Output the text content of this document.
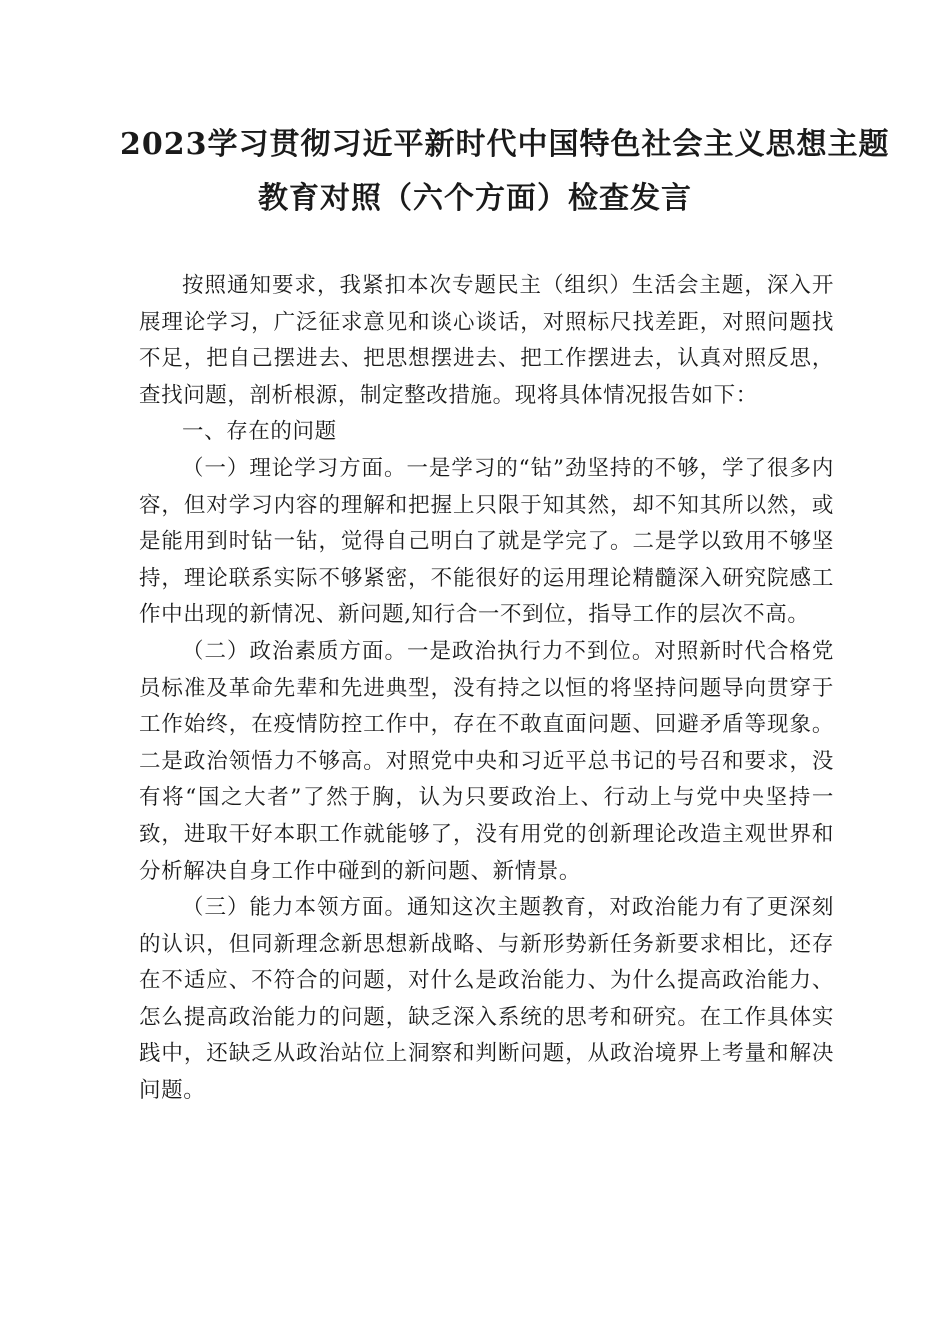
2023学习贯彻习近平新时代中国特色社会主义思想主题
教育对照（六个方面）检查发言

按照通知要求，我紧扣本次专题民主（组织）生活会主题，深入开展理论学习，广泛征求意见和谈心谈话，对照标尺找差距，对照问题找不足，把自己摆进去、把思想摆进去、把工作摆进去，认真对照反思，查找问题，剖析根源，制定整改措施。现将具体情况报告如下：

一、存在的问题

（一）理论学习方面。一是学习的“钻”劲坚持的不够，学了很多内容，但对学习内容的理解和把握上只限于知其然，却不知其所以然，或是能用到时钻一钻，觉得自己明白了就是学完了。二是学以致用不够坚持，理论联系实际不够紧密，不能很好的运用理论精髓深入研究院感工作中出现的新情况、新问题,知行合一不到位，指导工作的层次不高。

（二）政治素质方面。一是政治执行力不到位。对照新时代合格党员标准及革命先辈和先进典型，没有持之以恒的将坚持问题导向贯穿于工作始终，在疫情防控工作中，存在不敢直面问题、回避矛盾等现象。二是政治领悟力不够高。对照党中央和习近平总书记的号召和要求，没有将“国之大者”了然于胸，认为只要政治上、行动上与党中央坚持一致，进取干好本职工作就能够了，没有用党的创新理论改造主观世界和分析解决自身工作中碰到的新问题、新情景。

（三）能力本领方面。通知这次主题教育，对政治能力有了更深刻的认识，但同新理念新思想新战略、与新形势新任务新要求相比，还存在不适应、不符合的问题，对什么是政治能力、为什么提高政治能力、怎么提高政治能力的问题，缺乏深入系统的思考和研究。在工作具体实践中，还缺乏从政治站位上洞察和判断问题，从政治境界上考量和解决问题。
